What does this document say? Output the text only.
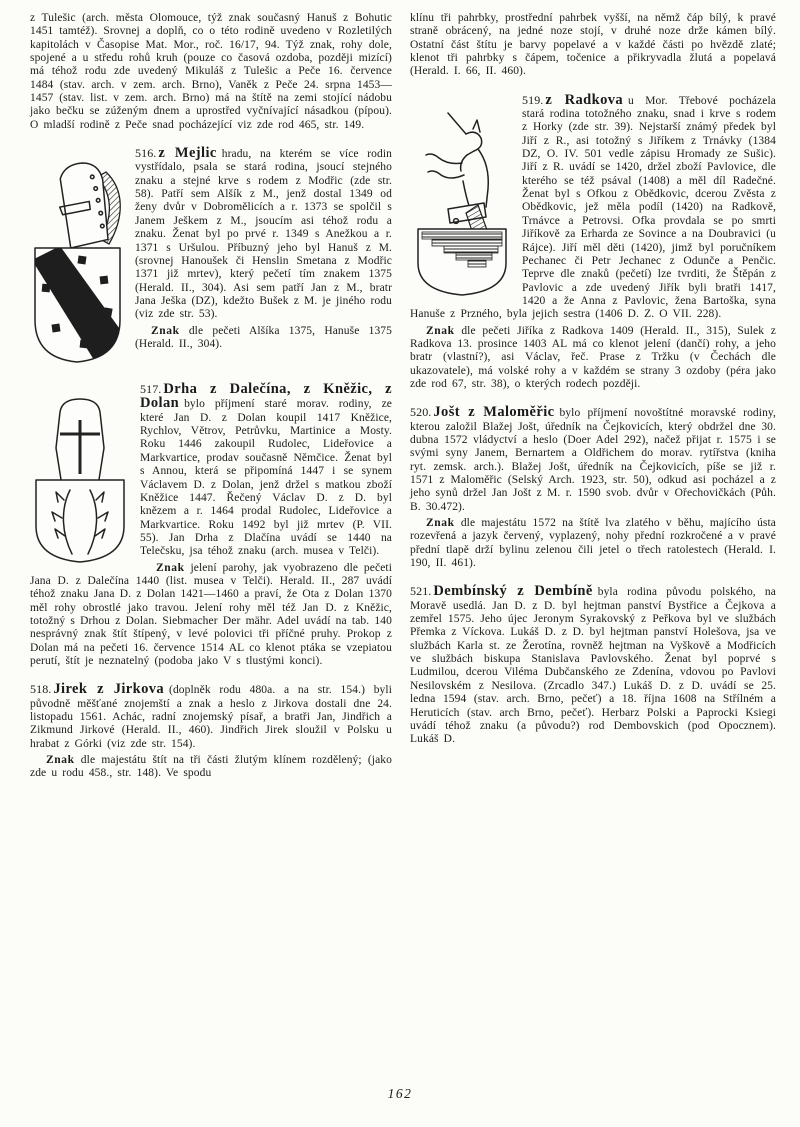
z Tulešic (arch. města Olomouce, týž znak současný Hanuš z Bohutic 1451 tamtéž). Srovnej a doplň, co o této rodině uvedeno v Rozletilých kapitolách v Časopise Mat. Mor., roč. 16/17, 94. Týž znak, rohy dole, spojené a u středu rohů kruh (pouze co časová ozdoba, později mizící) má téhož rodu zde uvedený Mikuláš z Tulešic a Peče 16. července 1484 (stav. arch. v zem. arch. Brno), Vaněk z Peče 24. srpna 1453—1457 (stav. list. v zem. arch. Brno) má na štítě na zemi stojící nádobu jako bečku se zúženým dnem a uprostřed vyčnívající násadkou (pípou). O mladší rodině z Peče snad pocházející viz zde rod 465, str. 149.

516. z Mejlic hradu, na kterém se více rodin vystřídalo, psala se stará rodina, jsoucí stejného znaku a stejné krve s rodem z Modřic (zde str. 58). Patří sem Alšík z M., jenž dostal 1349 od ženy dvůr v Dobromělicích a r. 1373 se spolčil s Janem Ješkem z M., jsoucím asi téhož rodu a znaku. Ženat byl po prvé r. 1349 s Anežkou a r. 1371 s Uršulou. Příbuzný jeho byl Hanuš z M. (srovnej Hanoušek či Henslin Smetana z Modřic 1371 již mrtev), který pečetí tím znakem 1375 (Herald. II., 304). Asi sem patří Jan z M., bratr Jana Ješka (DZ), kdežto Bušek z M. je jiného rodu (viz zde str. 53).

Znak dle pečeti Alšíka 1375, Hanuše 1375 (Herald. II., 304).

517. Drha z Dalečína, z Kněžic, z Dolan bylo příjmení staré morav. rodiny, ze které Jan D. z Dolan koupil 1417 Kněžice, Rychlov, Větrov, Petrůvku, Martinice a Mosty. Roku 1446 zakoupil Rudolec, Lideřovice a Markvartice, prodav současně Němčice. Ženat byl s Annou, která se připomíná 1447 i se synem Václavem D. z Dolan, jenž držel s matkou zboží Kněžice 1447. Řečený Václav D. z D. byl knězem a r. 1464 prodal Rudolec, Lideřovice a Markvartice. Roku 1492 byl již mrtev (P. VII. 55). Jan Drha z Dlačína uvádí se 1440 na Telečsku, jsa téhož znaku (arch. musea v Telči).

Znak jelení parohy, jak vyobrazeno dle pečeti Jana D. z Dalečína 1440 (list. musea v Telči). Herald. II., 287 uvádí téhož znaku Jana D. z Dolan 1421—1460 a praví, že Ota z Dolan 1370 měl rohy obrostlé jako travou. Jelení rohy měl též Jan D. z Kněžic, totožný s Drhou z Dolan. Siebmacher Der mähr. Adel uvádí na tab. 140 nesprávný znak štít štípený, v levé polovici tři příčné pruhy. Prokop z Dolan má na pečeti 16. července 1514 AL co klenot ptáka se vzepiatou perutí, štít je neznatelný (podoba jako V s tlustými konci).

518. Jirek z Jirkova (doplněk rodu 480a. a na str. 154.) byli původně měšťané znojemští a znak a heslo z Jirkova dostali dne 24. listopadu 1561. Achác, radní znojemský písař, a bratři Jan, Jindřich a Zikmund Jirkové (Herald. II., 460). Jindřich Jirek sloužil v Polsku u hrabat z Górki (viz zde str. 154).

Znak dle majestátu štít na tři části žlutým klínem rozdělený; (jako zde u rodu 458., str. 148). Ve spodu

klínu tři pahrbky, prostřední pahrbek vyšší, na němž čáp bílý, k pravé straně obrácený, na jedné noze stojí, v druhé noze drže kámen bílý. Ostatní část štítu je barvy popelavé a v každé části po hvězdě zlaté; klenot tři pahrbky s čápem, točenice a přikryvadla žlutá a popelavá (Herald. I. 66, II. 460).

519. z Radkova u Mor. Třebové pocházela stará rodina totožného znaku, snad i krve s rodem z Horky (zde str. 39). Nejstarší známý předek byl Jiří z R., asi totožný s Jiříkem z Trnávky (1384 DZ, O. IV. 501 vedle zápisu Hromady ze Sušic). Jiří z R. uvádí se 1420, držel zboží Pavlovice, dle kterého se též psával (1408) a měl díl Radečné. Ženat byl s Ofkou z Obědkovic, dcerou Zvěsta z Obědkovic, jež měla podíl (1420) na Radkově, Trnávce a Petrovsi. Ofka provdala se po smrti Jiříkově za Erharda ze Sovince a na Doubravici (u Rájce). Jiří měl děti (1420), jimž byl poručníkem Pechanec či Petr Jechanec z Odunče a Penčic. Teprve dle znaků (pečetí) lze tvrditi, že Štěpán z Pavlovic a zde uvedený Jiřík byli bratři 1417, 1420 a že Anna z Pavlovic, žena Bartoška, syna Hanuše z Przného, byla jejich sestra (1406 D. Z. O VII. 228).

Znak dle pečeti Jiříka z Radkova 1409 (Herald. II., 315), Sulek z Radkova 13. prosince 1403 AL má co klenot jelení (dančí) rohy, a jeho bratr (vlastní?), asi Václav, řeč. Prase z Tržku (v Čechách dle ukazovatele), má volské rohy a v každém se strany 3 ozdoby (péra jako zde rod 67, str. 38), o kterých rodech později.

520. Jošt z Maloměřic bylo příjmení novoštítné moravské rodiny, kterou založil Blažej Jošt, úředník na Čejkovicích, který obdržel dne 30. dubna 1572 vládyctví a heslo (Doer Adel 292), načež přijat r. 1575 i se svými syny Janem, Bernartem a Oldřichem do morav. rytířstva (kniha ryt. zemsk. arch.). Blažej Jošt, úředník na Čejkovicích, píše se již r. 1571 z Maloměřic (Selský Arch. 1923, str. 50), odkud asi pocházel a z jeho synů držel Jan Jošt z M. r. 1590 svob. dvůr v Ořechovičkách (Půh. B. 30.472).

Znak dle majestátu 1572 na štítě lva zlatého v běhu, majícího ústa rozevřená a jazyk červený, vyplazený, nohy přední rozkročené a v pravé přední tlapě drží bylinu zelenou čili jetel o třech ratolestech (Herald. I. 190, II. 461).

521. Dembínský z Dembíně byla rodina původu polského, na Moravě usedlá. Jan D. z D. byl hejtman panství Bystřice a Čejkova a zemřel 1575. Jeho újec Jeronym Syrakovský z Peřkova byl ve službách Přemka z Víckova. Lukáš D. z D. byl hejtman panství Holešova, jsa ve službách Karla st. ze Žerotína, rovněž hejtman na Vyškově a Modřicích ve službách biskupa Stanislava Pavlovského. Ženat byl poprvé s Ludmilou, dcerou Viléma Dubčanského ze Zdenína, vdovou po Pavlovi Nesilovském z Nesilova. (Zrcadlo 347.) Lukáš D. z D. uvádí se 25. ledna 1594 (stav. arch. Brno, pečeť) a 18. října 1608 na Střílném a Heruticích (stav. arch Brno, pečeť). Herbarz Polski a Paprocki Ksiegi uvádí téhož znaku (a původu?) rod Dembovskich (pod Opocznem). Lukáš D.

162
